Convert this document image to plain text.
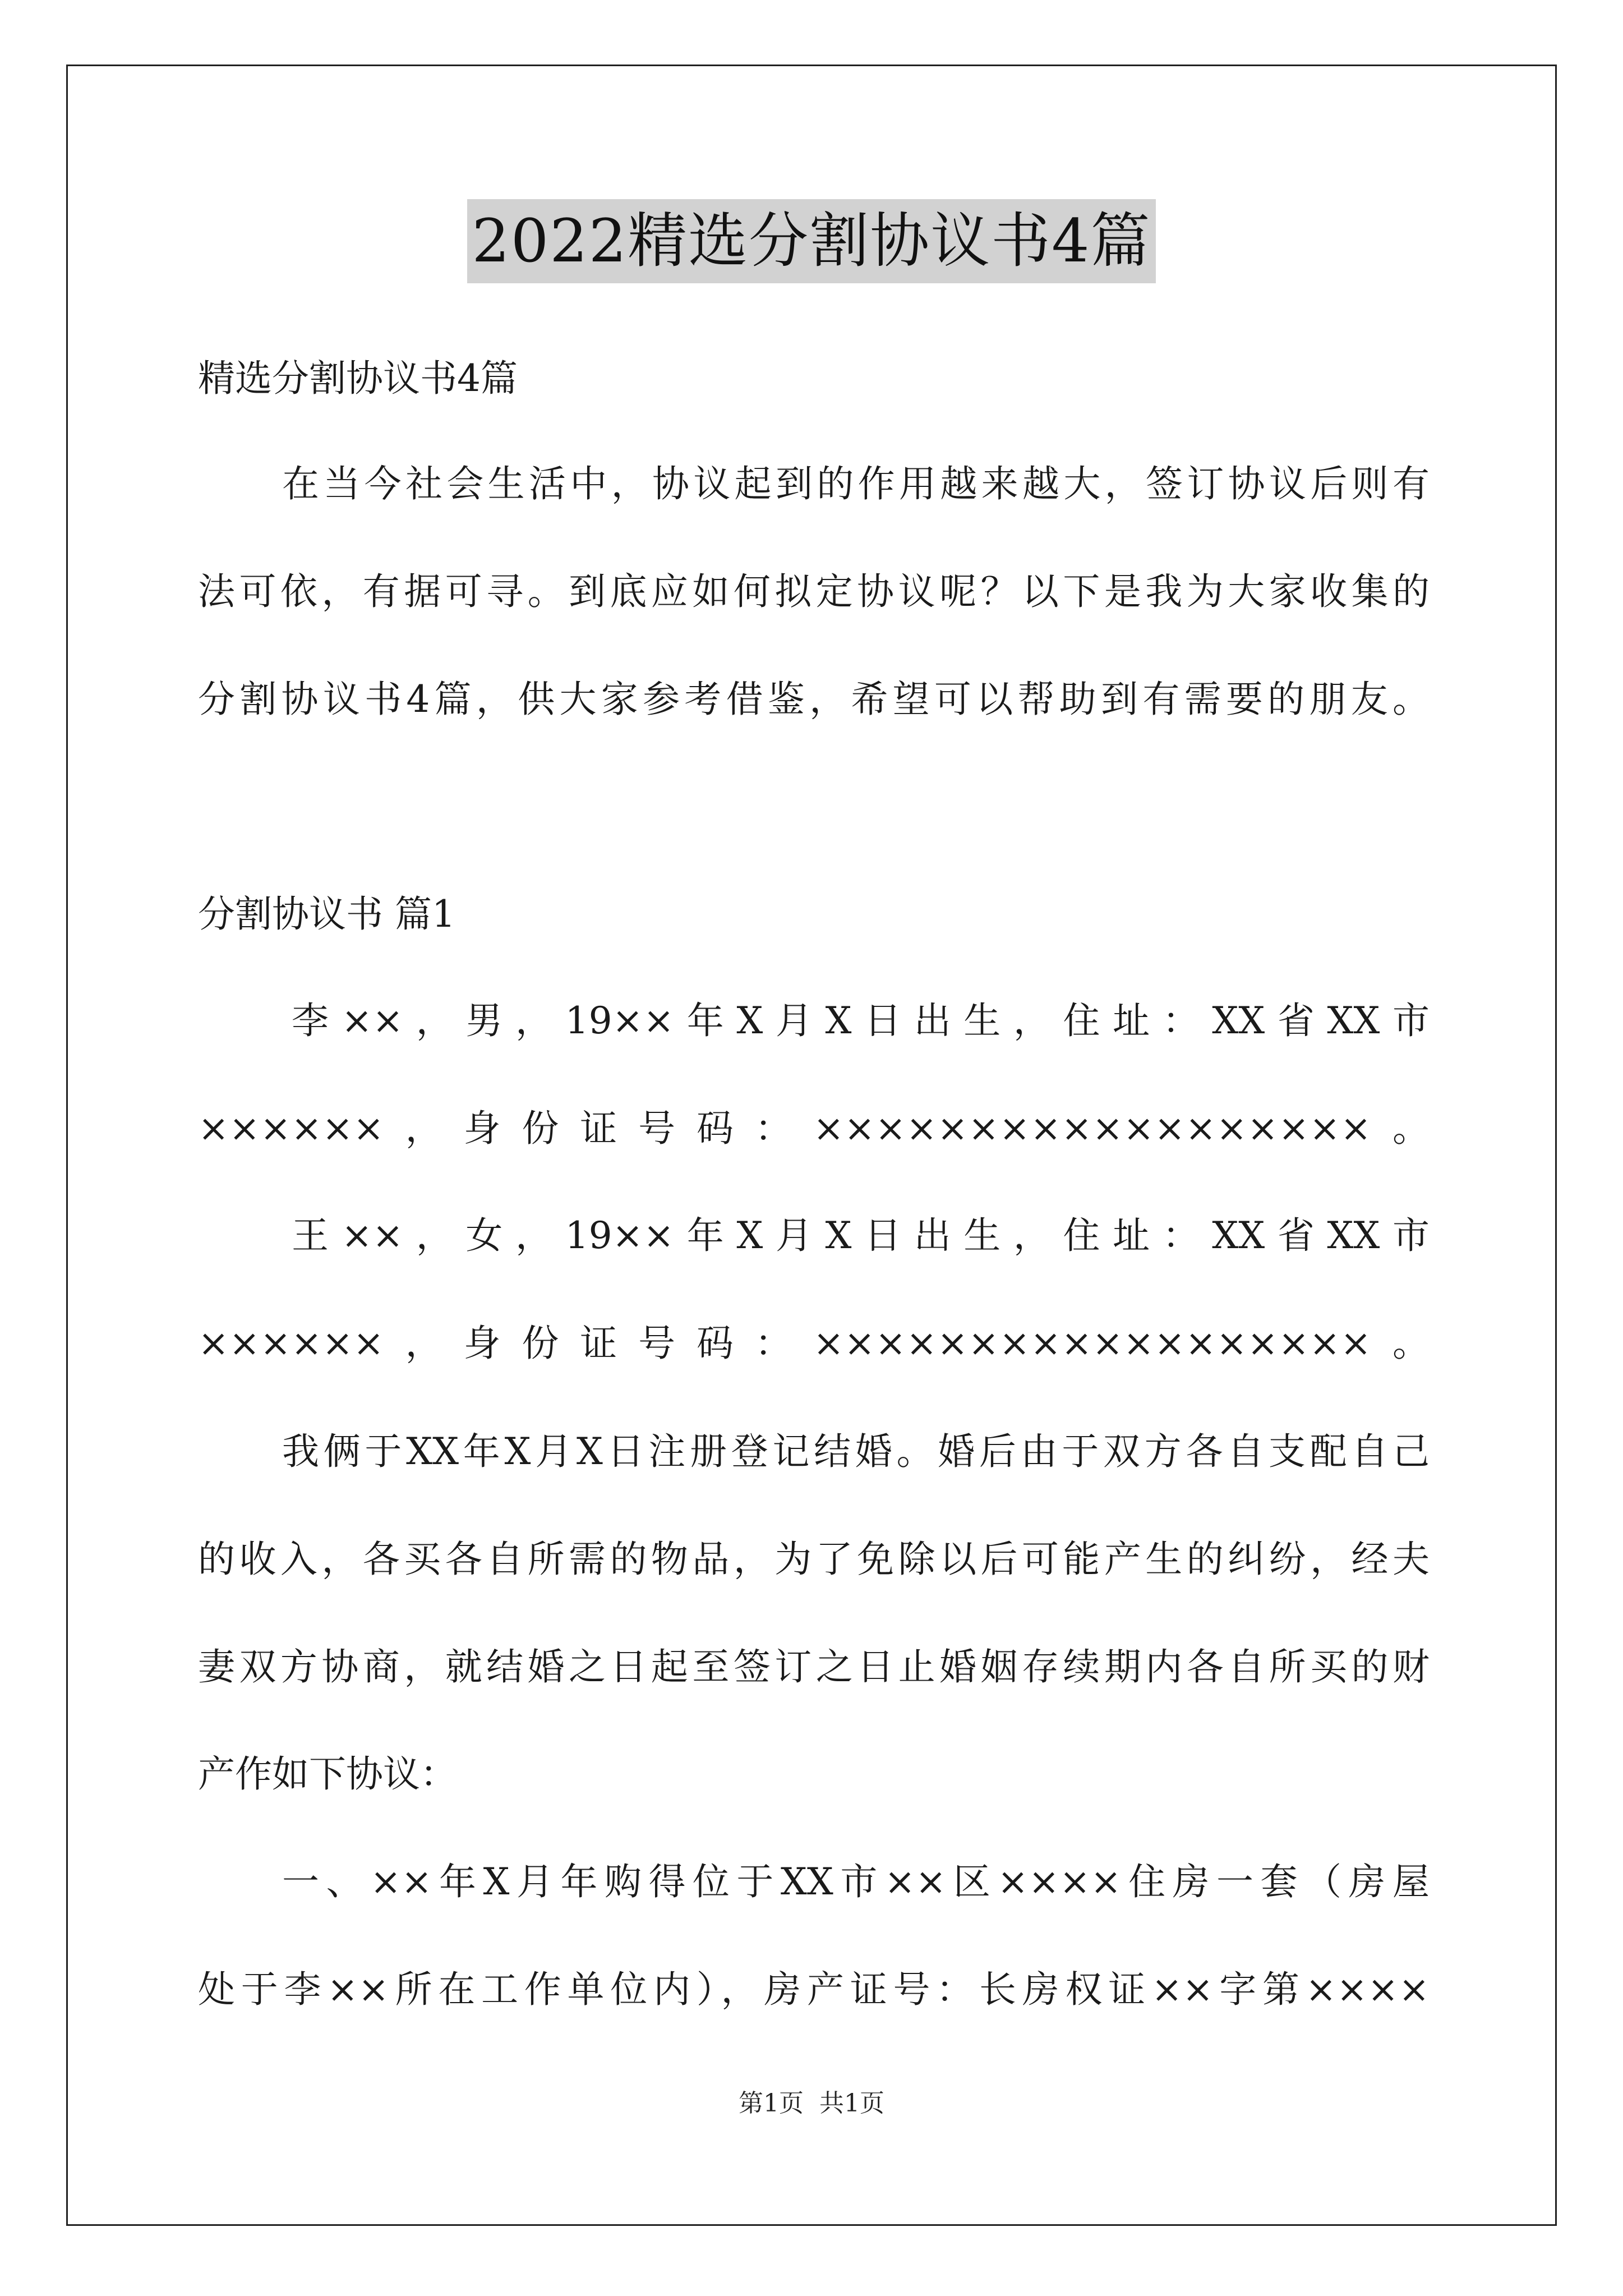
2022精选分割协议书4篇
精选分割协议书4篇
在当今社会生活中，协议起到的作用越来越大，签订协议后则有
法可依，有据可寻。到底应如何拟定协议呢？以下是我为大家收集的
分割协议书4篇，供大家参考借鉴，希望可以帮助到有需要的朋友。
分割协议书 篇1
李××，男，19××年X月X日出生，住址：XX省XX市
××××××，身份证号码：××××××××××××××××××。
王××，女，19××年X月X日出生，住址：XX省XX市
××××××，身份证号码：××××××××××××××××××。
我俩于XX年X月X日注册登记结婚。婚后由于双方各自支配自己
的收入，各买各自所需的物品，为了免除以后可能产生的纠纷，经夫
妻双方协商，就结婚之日起至签订之日止婚姻存续期内各自所买的财
产作如下协议：
一、××年X月年购得位于XX市××区××××住房一套（房屋
处于李××所在工作单位内），房产证号：长房权证××字第××××
第1页 共1页
